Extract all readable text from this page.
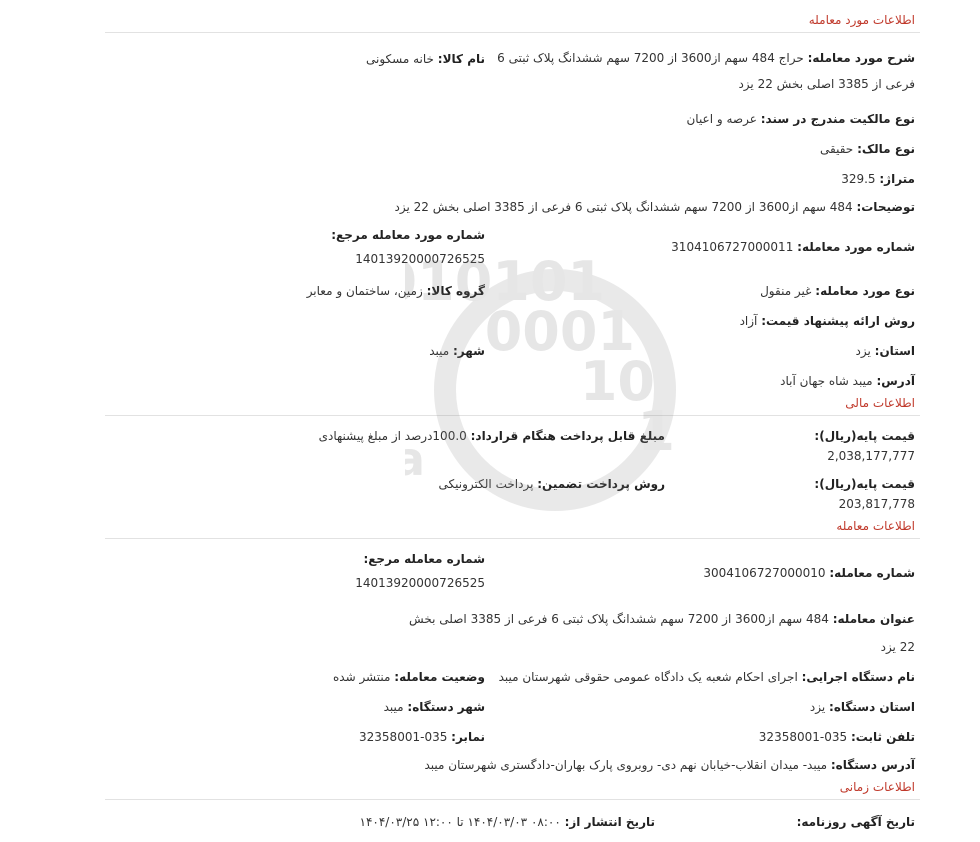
10101
0001
10
1
a
اطلاعات مورد معامله
شرح مورد معامله: حراج 484 سهم از3600 از 7200 سهم ششدانگ پلاک ثبتی 6 فرعی از 3385 اصلی بخش 22 یزد
نام کالا: خانه مسکونی
نوع مالکیت مندرج در سند: عرصه و اعیان
نوع مالک: حقیقی
متراژ: 329.5
توضیحات: 484 سهم از3600 از 7200 سهم ششدانگ پلاک ثبتی 6 فرعی از 3385 اصلی بخش 22 یزد
شماره مورد معامله: 3104106727000011
شماره مورد معامله مرجع:
14013920000726525
نوع مورد معامله: غیر منقول
روش ارائه پیشنهاد قیمت: آزاد
گروه کالا: زمین، ساختمان و معابر
استان: یزد
آدرس: میبد شاه جهان آباد
شهر: میبد
اطلاعات مالی
قیمت پایه(ریال): 2,038,177,777
مبلغ قابل پرداخت هنگام قرارداد: 100.0درصد از مبلغ پیشنهادی
قیمت پایه(ریال): 203,817,778
روش پرداخت تضمین: پرداخت الکترونیکی
اطلاعات معامله
شماره معامله: 3004106727000010
شماره معامله مرجع:
14013920000726525
عنوان معامله: 484 سهم از3600 از 7200 سهم ششدانگ پلاک ثبتی 6 فرعی از 3385 اصلی بخش 22 یزد
نام دستگاه اجرایی: اجرای احکام شعبه یک دادگاه عمومی حقوقی شهرستان میبد
استان دستگاه: یزد
تلفن ثابت: 035-32358001
وضعیت معامله: منتشر شده
شهر دستگاه: میبد
نمابر: 035-32358001
آدرس دستگاه: میبد- میدان انقلاب-خیابان نهم دی- روبروی پارک بهاران-دادگستری شهرستان میبد
اطلاعات زمانی
تاریخ آگهی روزنامه:
تاریخ انتشار از: ۰۸:۰۰ ۱۴۰۴/۰۳/۰۳ تا ۱۲:۰۰ ۱۴۰۴/۰۳/۲۵
